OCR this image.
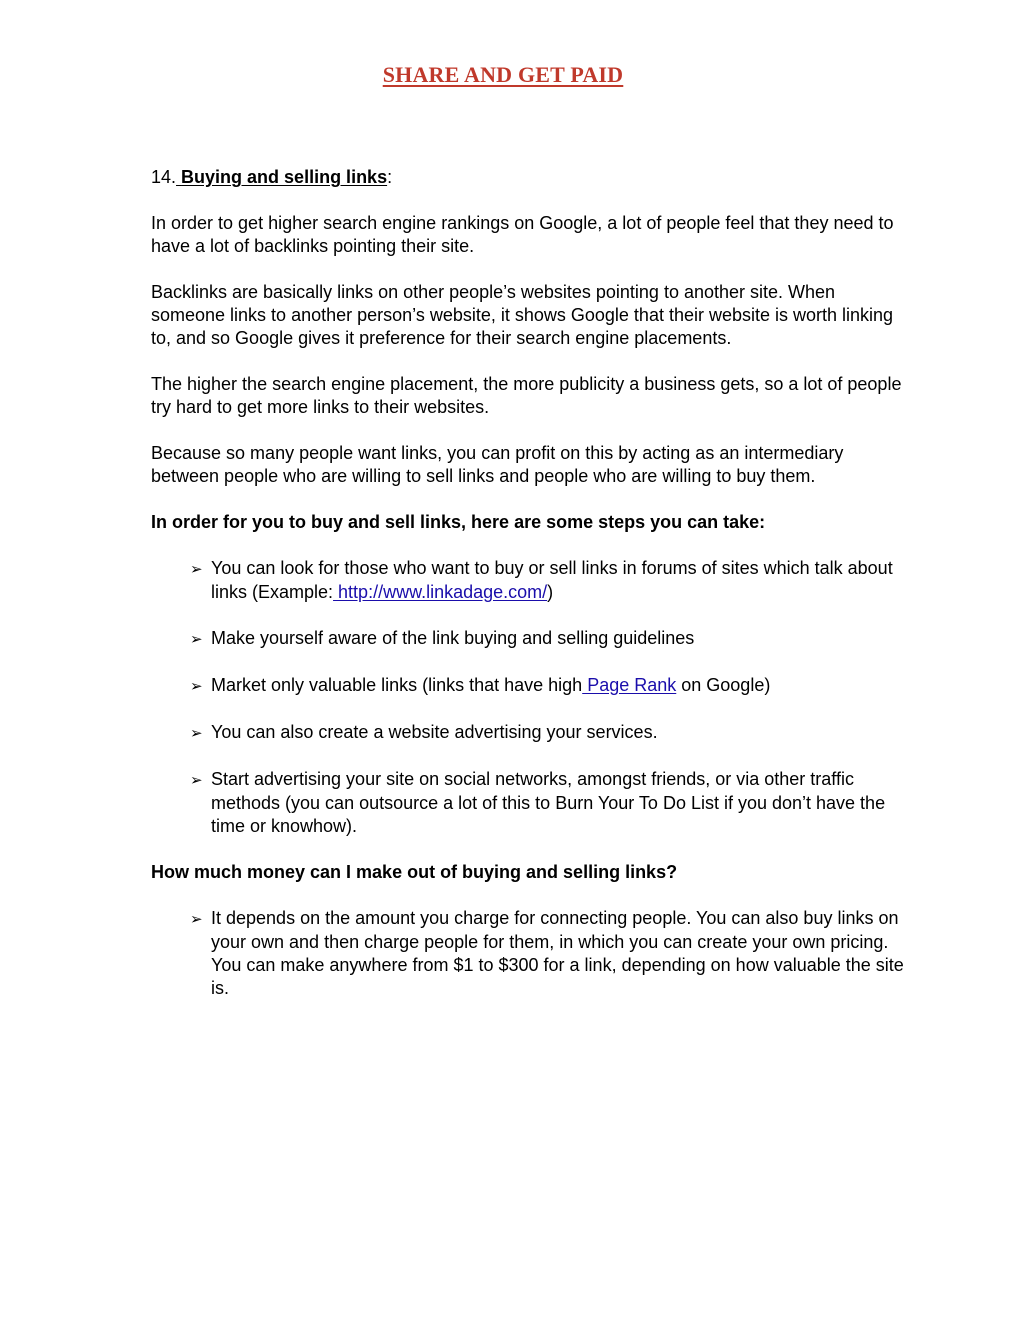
SHARE AND GET PAID

14. Buying and selling links:

In order to get higher search engine rankings on Google, a lot of people feel that they need to have a lot of backlinks pointing their site.

Backlinks are basically links on other people’s websites pointing to another site. When someone links to another person’s website, it shows Google that their website is worth linking to, and so Google gives it preference for their search engine placements.

The higher the search engine placement, the more publicity a business gets, so a lot of people try hard to get more links to their websites.

Because so many people want links, you can profit on this by acting as an intermediary between people who are willing to sell links and people who are willing to buy them.

In order for you to buy and sell links, here are some steps you can take:

➢ You can look for those who want to buy or sell links in forums of sites which talk about links (Example: http://www.linkadage.com/)
➢ Make yourself aware of the link buying and selling guidelines
➢ Market only valuable links (links that have high Page Rank on Google)
➢ You can also create a website advertising your services.
➢ Start advertising your site on social networks, amongst friends, or via other traffic methods (you can outsource a lot of this to Burn Your To Do List if you don’t have the time or knowhow).

How much money can I make out of buying and selling links?

➢ It depends on the amount you charge for connecting people. You can also buy links on your own and then charge people for them, in which you can create your own pricing. You can make anywhere from $1 to $300 for a link, depending on how valuable the site is.
